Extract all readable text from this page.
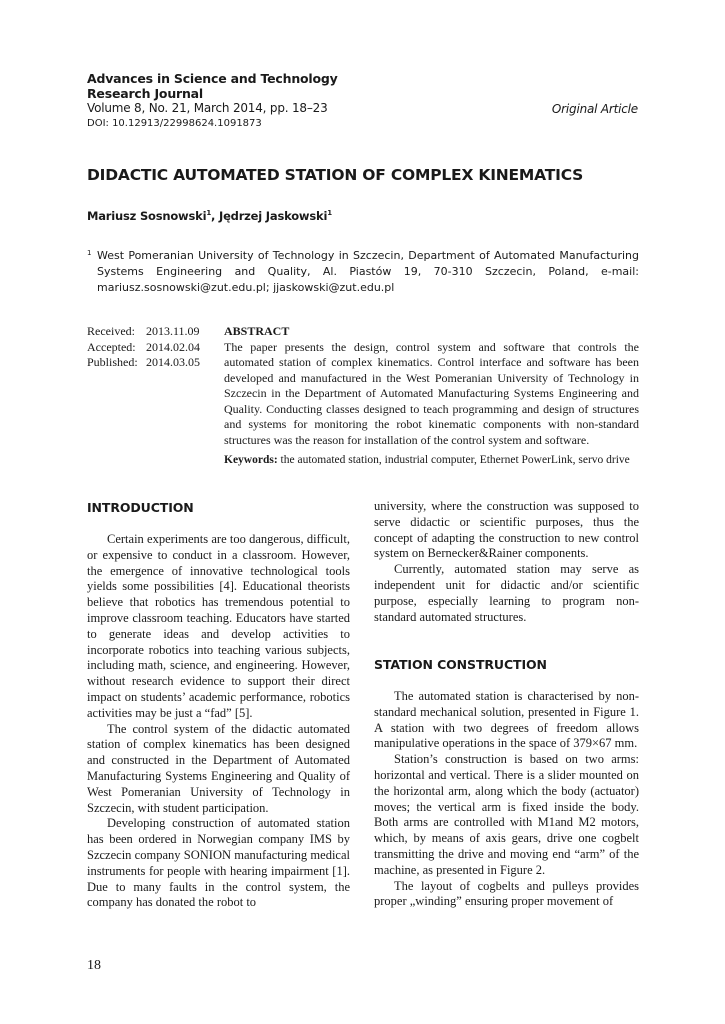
Advances in Science and Technology
Research Journal
Volume 8, No. 21, March 2014, pp. 18–23
DOI: 10.12913/22998624.1091873
Original Article
DIDACTIC AUTOMATED STATION OF COMPLEX KINEMATICS
Mariusz Sosnowski$^1$, Jędrzej Jaskowski$^1$
1 West Pomeranian University of Technology in Szczecin, Department of Automated Manufacturing Systems Engineering and Quality, Al. Piastów 19, 70-310 Szczecin, Poland, e-mail: mariusz.sosnowski@zut.edu.pl; jjaskowski@zut.edu.pl
Received: 2013.11.09
Accepted: 2014.02.04
Published: 2014.03.05
ABSTRACT
The paper presents the design, control system and software that controls the automated station of complex kinematics. Control interface and software has been developed and manufactured in the West Pomeranian University of Technology in Szczecin in the Department of Automated Manufacturing Systems Engineering and Quality. Conducting classes designed to teach programming and design of structures and systems for monitoring the robot kinematic components with non-standard structures was the reason for installation of the control system and software.
Keywords: the automated station, industrial computer, Ethernet PowerLink, servo drive
INTRODUCTION

Certain experiments are too dangerous, difficult, or expensive to conduct in a classroom. However, the emergence of innovative technological tools yields some possibilities [4]. Educational theorists believe that robotics has tremendous potential to improve classroom teaching. Educators have started to generate ideas and develop activities to incorporate robotics into teaching various subjects, including math, science, and engineering. However, without research evidence to support their direct impact on students’ academic performance, robotics activities may be just a “fad” [5].

The control system of the didactic automated station of complex kinematics has been designed and constructed in the Department of Automated Manufacturing Systems Engineering and Quality of West Pomeranian University of Technology in Szczecin, with student participation.

Developing construction of automated station has been ordered in Norwegian company IMS by Szczecin company SONION manufacturing medical instruments for people with hearing impairment [1]. Due to many faults in the control system, the company has donated the robot to

university, where the construction was supposed to serve didactic or scientific purposes, thus the concept of adapting the construction to new control system on Bernecker&Rainer components.

Currently, automated station may serve as independent unit for didactic and/or scientific purpose, especially learning to program non-standard automated structures.

STATION CONSTRUCTION

The automated station is characterised by non-standard mechanical solution, presented in Figure 1. A station with two degrees of freedom allows manipulative operations in the space of 379×67 mm.

Station’s construction is based on two arms: horizontal and vertical. There is a slider mounted on the horizontal arm, along which the body (actuator) moves; the vertical arm is fixed inside the body. Both arms are controlled with M1and M2 motors, which, by means of axis gears, drive one cogbelt transmitting the drive and moving end “arm” of the machine, as presented in Figure 2.

The layout of cogbelts and pulleys provides proper „winding” ensuring proper movement of

18
